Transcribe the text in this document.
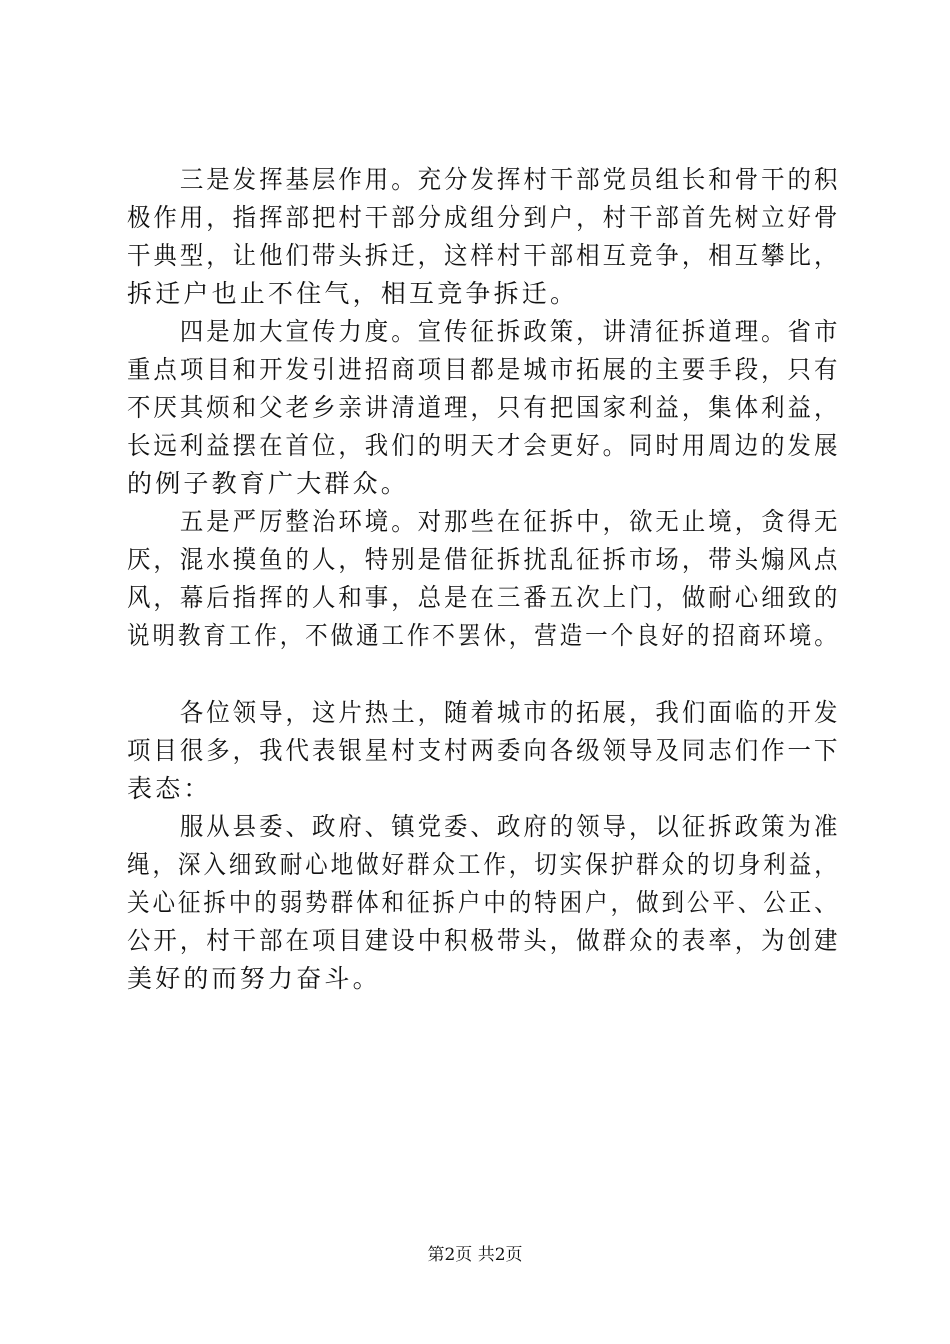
　　三是发挥基层作用。充分发挥村干部党员组长和骨干的积
极作用，指挥部把村干部分成组分到户，村干部首先树立好骨
干典型，让他们带头拆迁，这样村干部相互竞争，相互攀比，
拆迁户也止不住气，相互竞争拆迁。
　　四是加大宣传力度。宣传征拆政策，讲清征拆道理。省市
重点项目和开发引进招商项目都是城市拓展的主要手段，只有
不厌其烦和父老乡亲讲清道理，只有把国家利益，集体利益，
长远利益摆在首位，我们的明天才会更好。同时用周边的发展
的例子教育广大群众。
　　五是严厉整治环境。对那些在征拆中，欲无止境，贪得无
厌，混水摸鱼的人，特别是借征拆扰乱征拆市场，带头煽风点
风，幕后指挥的人和事，总是在三番五次上门，做耐心细致的
说明教育工作，不做通工作不罢休，营造一个良好的招商环境。
　　各位领导，这片热土，随着城市的拓展，我们面临的开发
项目很多，我代表银星村支村两委向各级领导及同志们作一下
表态：
　　服从县委、政府、镇党委、政府的领导，以征拆政策为准
绳，深入细致耐心地做好群众工作，切实保护群众的切身利益，
关心征拆中的弱势群体和征拆户中的特困户，做到公平、公正、
公开，村干部在项目建设中积极带头，做群众的表率，为创建
美好的而努力奋斗。
第2页 共2页
